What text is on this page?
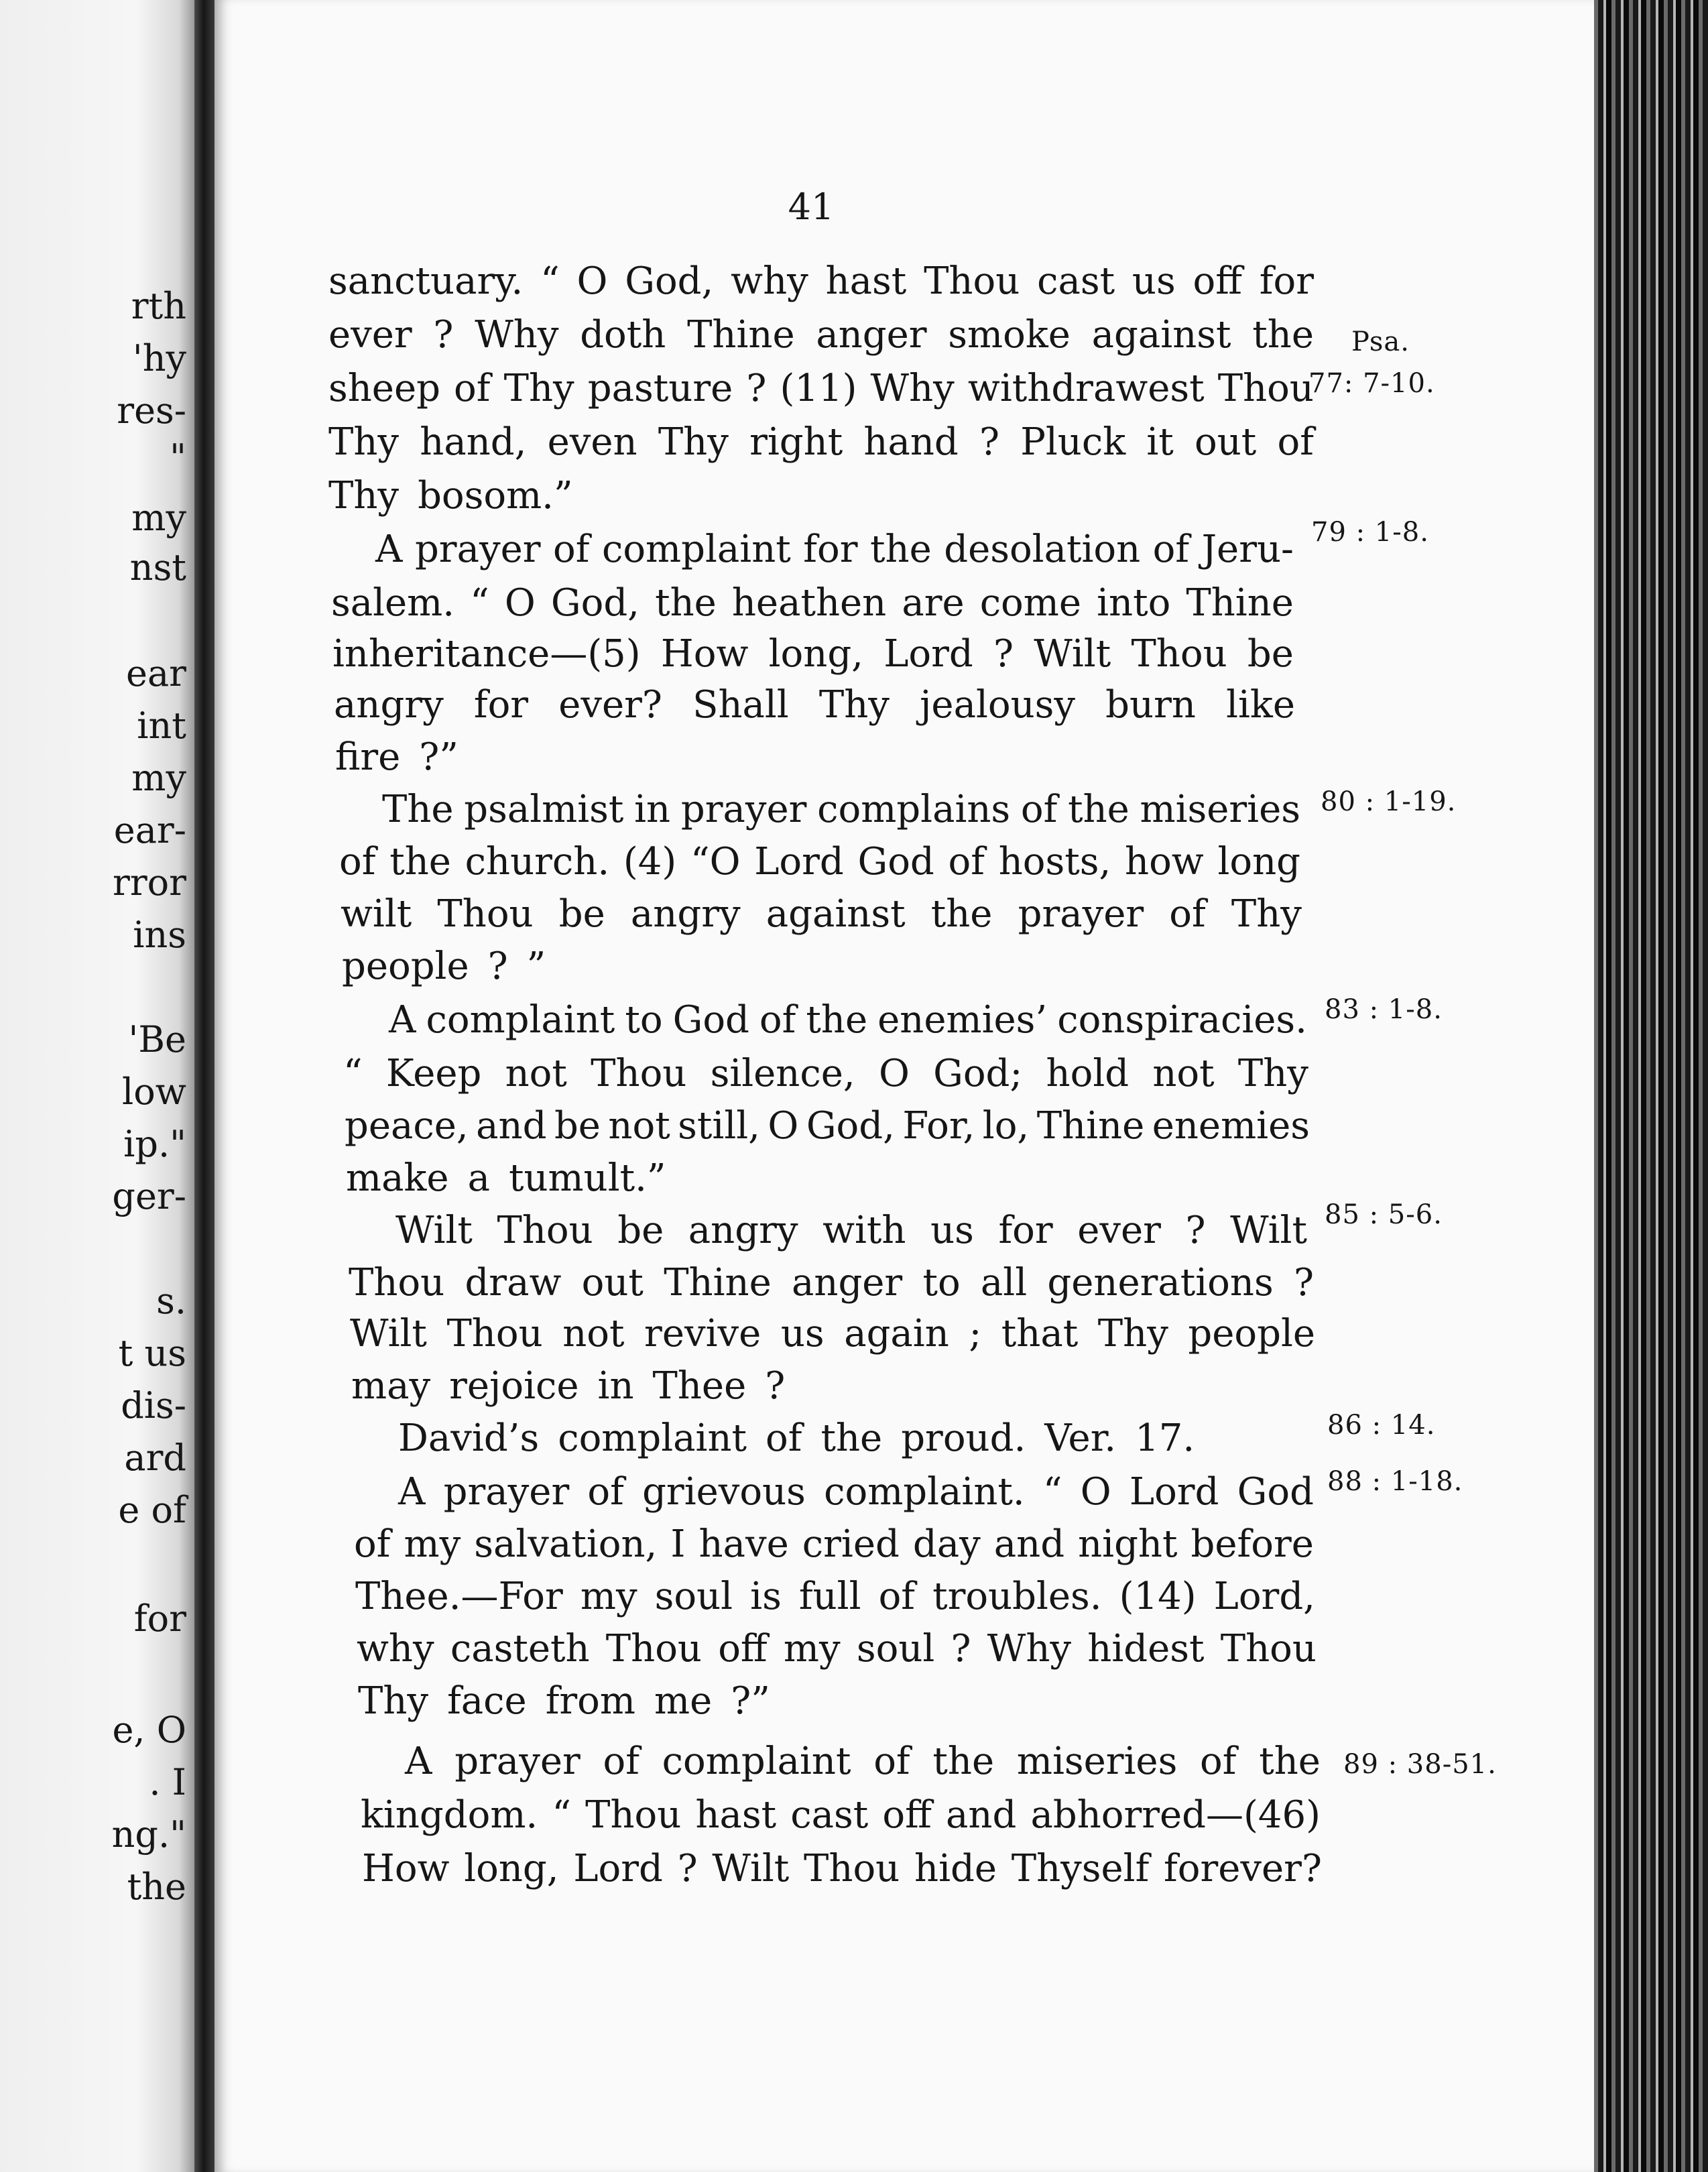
rth
'hy
res-
"
my
nst
ear
int
my
ear-
rror
ins
'Be
low
ip."
ger-
s.
t us
dis-
ard
e of
for
e, O
. I
ng."
the
41
sanctuary. “ O God, why hast Thou cast us off for
ever ? Why doth Thine anger smoke against the
sheep of Thy pasture ? (11) Why withdrawest Thou
Thy hand, even Thy right hand ? Pluck it out of
Thy bosom.”
A prayer of complaint for the desolation of Jeru-
salem. “ O God, the heathen are come into Thine
inheritance—(5) How long, Lord ? Wilt Thou be
angry for ever? Shall Thy jealousy burn like
fire ?”
The psalmist in prayer complains of the miseries
of the church. (4) “O Lord God of hosts, how long
wilt Thou be angry against the prayer of Thy
people ? ”
A complaint to God of the enemies’ conspiracies.
“ Keep not Thou silence, O God; hold not Thy
peace, and be not still, O God, For, lo, Thine enemies
make a tumult.”
Wilt Thou be angry with us for ever ? Wilt
Thou draw out Thine anger to all generations ?
Wilt Thou not revive us again ; that Thy people
may rejoice in Thee ?
David’s complaint of the proud. Ver. 17.
A prayer of grievous complaint. “ O Lord God
of my salvation, I have cried day and night before
Thee.—For my soul is full of troubles. (14) Lord,
why casteth Thou off my soul ? Why hidest Thou
Thy face from me ?”
A prayer of complaint of the miseries of the
kingdom. “ Thou hast cast off and abhorred—(46)
How long, Lord ? Wilt Thou hide Thyself forever?
Psa.
77: 7-10.
79 : 1-8.
80 : 1-19.
83 : 1-8.
85 : 5-6.
86 : 14.
88 : 1-18.
89 : 38-51.
